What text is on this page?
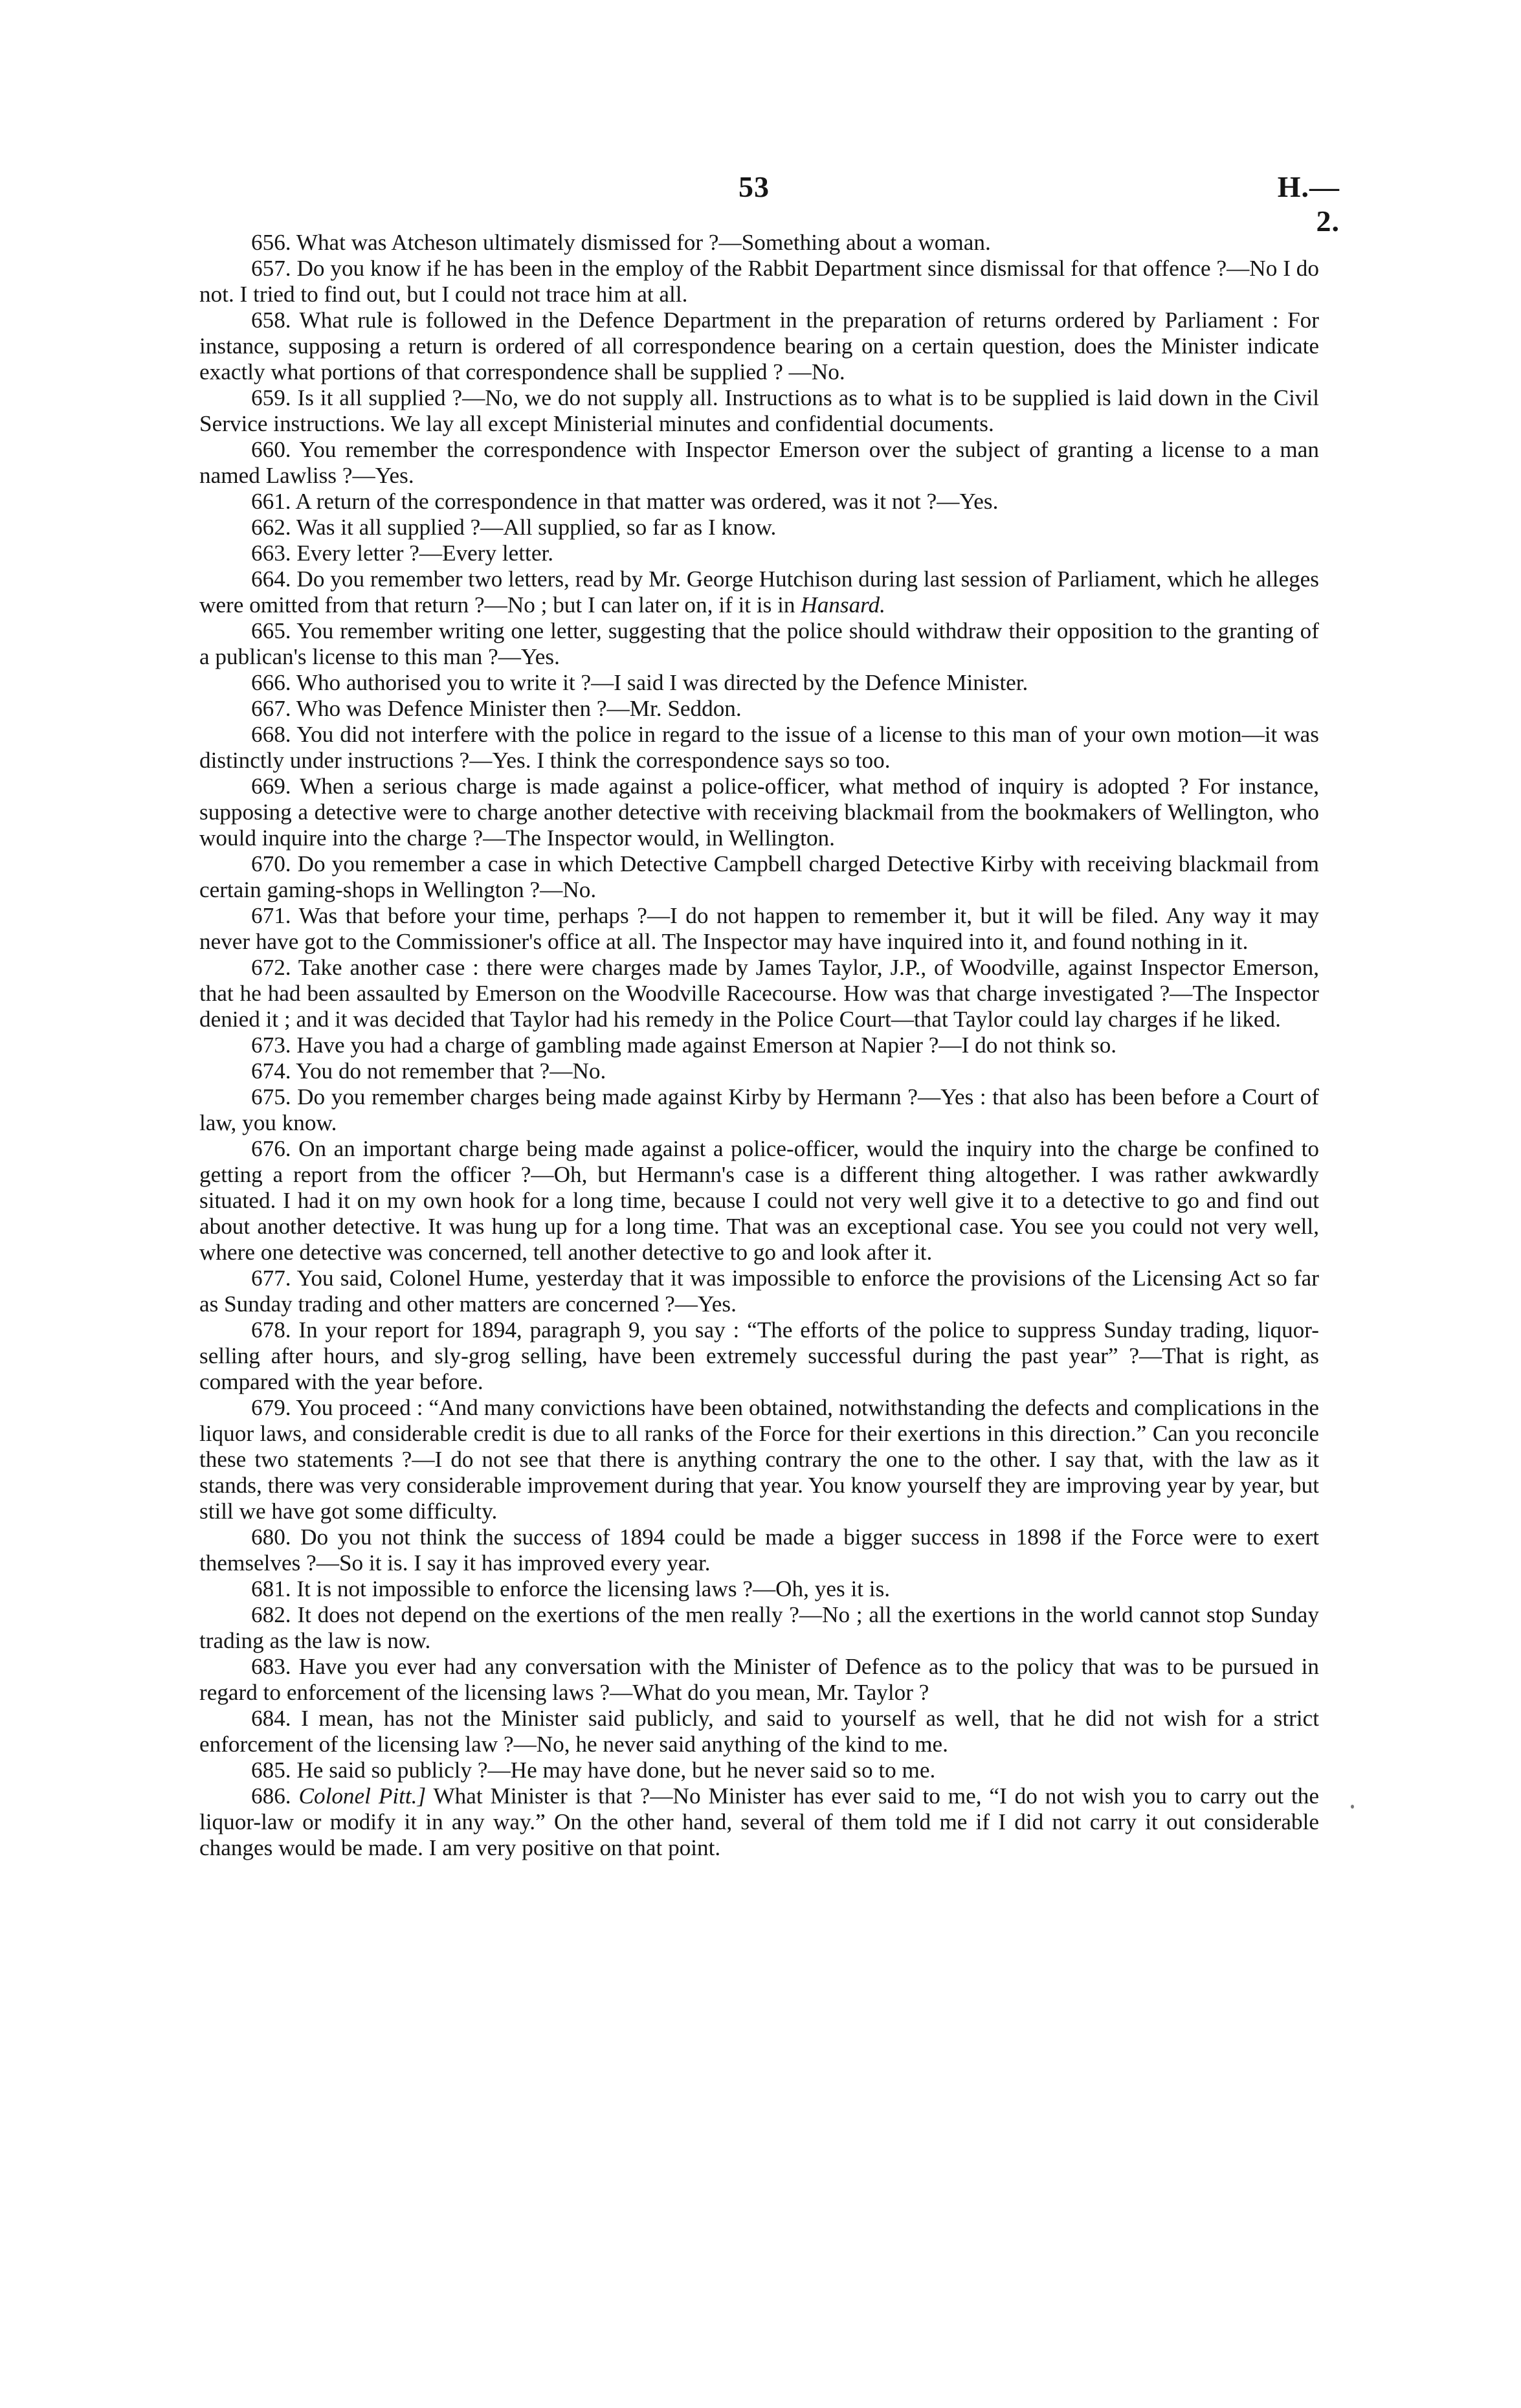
53	H.—2.

656. What was Atcheson ultimately dismissed for ?—Something about a woman.

657. Do you know if he has been in the employ of the Rabbit Department since dismissal for that offence ?—No I do not. I tried to find out, but I could not trace him at all.

658. What rule is followed in the Defence Department in the preparation of returns ordered by Parliament : For instance, supposing a return is ordered of all correspondence bearing on a certain question, does the Minister indicate exactly what portions of that correspondence shall be supplied ? —No.

659. Is it all supplied ?—No, we do not supply all. Instructions as to what is to be supplied is laid down in the Civil Service instructions. We lay all except Ministerial minutes and confidential documents.

660. You remember the correspondence with Inspector Emerson over the subject of granting a license to a man named Lawliss ?—Yes.

661. A return of the correspondence in that matter was ordered, was it not ?—Yes.

662. Was it all supplied ?—All supplied, so far as I know.

663. Every letter ?—Every letter.

664. Do you remember two letters, read by Mr. George Hutchison during last session of Parliament, which he alleges were omitted from that return ?—No ; but I can later on, if it is in Hansard.

665. You remember writing one letter, suggesting that the police should withdraw their opposition to the granting of a publican's license to this man ?—Yes.

666. Who authorised you to write it ?—I said I was directed by the Defence Minister.

667. Who was Defence Minister then ?—Mr. Seddon.

668. You did not interfere with the police in regard to the issue of a license to this man of your own motion—it was distinctly under instructions ?—Yes. I think the correspondence says so too.

669. When a serious charge is made against a police-officer, what method of inquiry is adopted ? For instance, supposing a detective were to charge another detective with receiving blackmail from the bookmakers of Wellington, who would inquire into the charge ?—The Inspector would, in Wellington.

670. Do you remember a case in which Detective Campbell charged Detective Kirby with receiving blackmail from certain gaming-shops in Wellington ?—No.

671. Was that before your time, perhaps ?—I do not happen to remember it, but it will be filed. Any way it may never have got to the Commissioner's office at all. The Inspector may have inquired into it, and found nothing in it.

672. Take another case : there were charges made by James Taylor, J.P., of Woodville, against Inspector Emerson, that he had been assaulted by Emerson on the Woodville Racecourse. How was that charge investigated ?—The Inspector denied it ; and it was decided that Taylor had his remedy in the Police Court—that Taylor could lay charges if he liked.

673. Have you had a charge of gambling made against Emerson at Napier ?—I do not think so.

674. You do not remember that ?—No.

675. Do you remember charges being made against Kirby by Hermann ?—Yes : that also has been before a Court of law, you know.

676. On an important charge being made against a police-officer, would the inquiry into the charge be confined to getting a report from the officer ?—Oh, but Hermann's case is a different thing altogether. I was rather awkwardly situated. I had it on my own hook for a long time, because I could not very well give it to a detective to go and find out about another detective. It was hung up for a long time. That was an exceptional case. You see you could not very well, where one detective was concerned, tell another detective to go and look after it.

677. You said, Colonel Hume, yesterday that it was impossible to enforce the provisions of the Licensing Act so far as Sunday trading and other matters are concerned ?—Yes.

678. In your report for 1894, paragraph 9, you say : “The efforts of the police to suppress Sunday trading, liquor-selling after hours, and sly-grog selling, have been extremely successful during the past year” ?—That is right, as compared with the year before.

679. You proceed : “And many convictions have been obtained, notwithstanding the defects and complications in the liquor laws, and considerable credit is due to all ranks of the Force for their exertions in this direction.” Can you reconcile these two statements ?—I do not see that there is anything contrary the one to the other. I say that, with the law as it stands, there was very considerable improvement during that year. You know yourself they are improving year by year, but still we have got some difficulty.

680. Do you not think the success of 1894 could be made a bigger success in 1898 if the Force were to exert themselves ?—So it is. I say it has improved every year.

681. It is not impossible to enforce the licensing laws ?—Oh, yes it is.

682. It does not depend on the exertions of the men really ?—No ; all the exertions in the world cannot stop Sunday trading as the law is now.

683. Have you ever had any conversation with the Minister of Defence as to the policy that was to be pursued in regard to enforcement of the licensing laws ?—What do you mean, Mr. Taylor ?

684. I mean, has not the Minister said publicly, and said to yourself as well, that he did not wish for a strict enforcement of the licensing law ?—No, he never said anything of the kind to me.

685. He said so publicly ?—He may have done, but he never said so to me.

686. Colonel Pitt.] What Minister is that ?—No Minister has ever said to me, “I do not wish you to carry out the liquor-law or modify it in any way.” On the other hand, several of them told me if I did not carry it out considerable changes would be made. I am very positive on that point.
